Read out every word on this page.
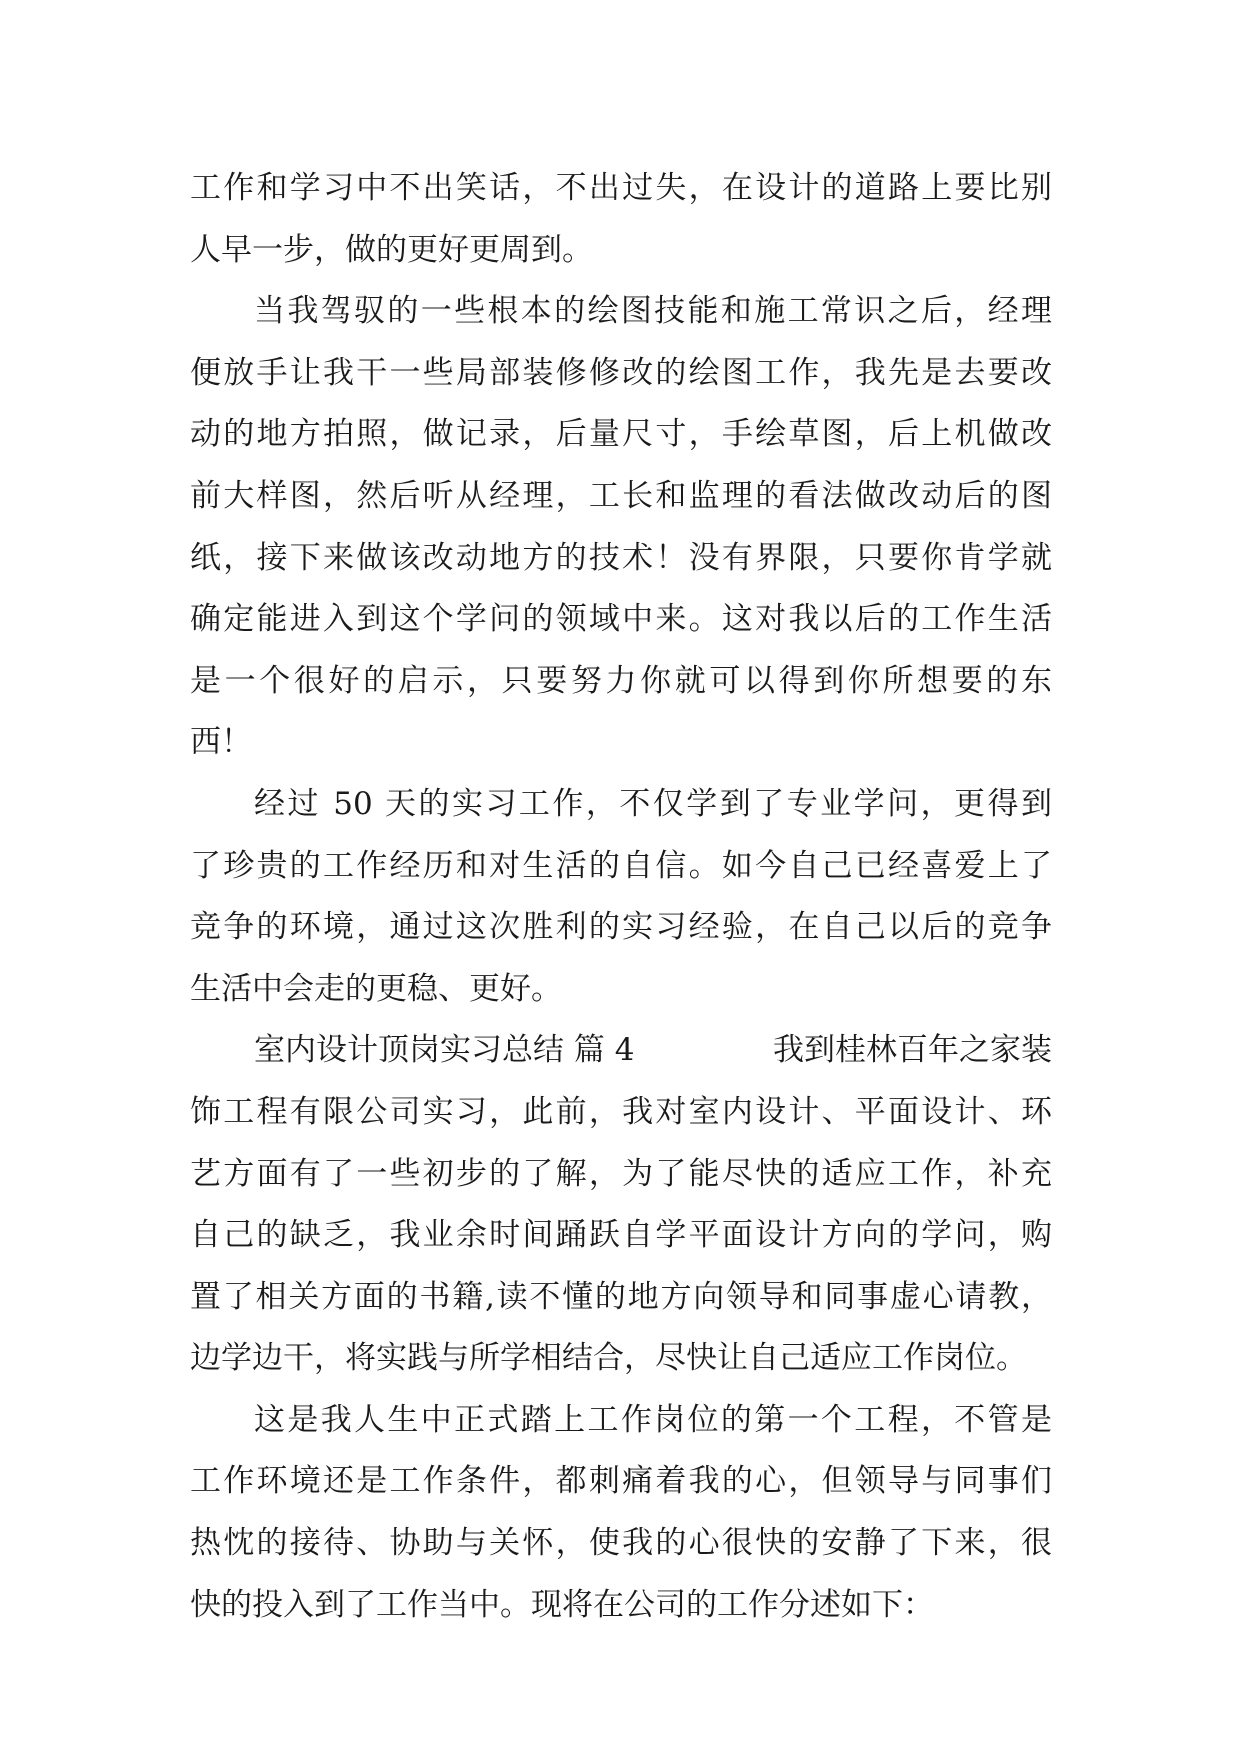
工作和学习中不出笑话，不出过失，在设计的道路上要比别
人早一步，做的更好更周到。
当我驾驭的一些根本的绘图技能和施工常识之后，经理
便放手让我干一些局部装修修改的绘图工作，我先是去要改
动的地方拍照，做记录，后量尺寸，手绘草图，后上机做改
前大样图，然后听从经理，工长和监理的看法做改动后的图
纸，接下来做该改动地方的技术！没有界限，只要你肯学就
确定能进入到这个学问的领域中来。这对我以后的工作生活
是一个很好的启示，只要努力你就可以得到你所想要的东
西！
经过 50 天的实习工作，不仅学到了专业学问，更得到
了珍贵的工作经历和对生活的自信。如今自己已经喜爱上了
竞争的环境，通过这次胜利的实习经验，在自己以后的竞争
生活中会走的更稳、更好。
室内设计顶岗实习总结 篇 4	我到桂林百年之家装
饰工程有限公司实习，此前，我对室内设计、平面设计、环
艺方面有了一些初步的了解，为了能尽快的适应工作，补充
自己的缺乏，我业余时间踊跃自学平面设计方向的学问，购
置了相关方面的书籍,读不懂的地方向领导和同事虚心请教，
边学边干，将实践与所学相结合，尽快让自己适应工作岗位。
这是我人生中正式踏上工作岗位的第一个工程，不管是
工作环境还是工作条件，都刺痛着我的心，但领导与同事们
热忱的接待、协助与关怀，使我的心很快的安静了下来，很
快的投入到了工作当中。现将在公司的工作分述如下：
